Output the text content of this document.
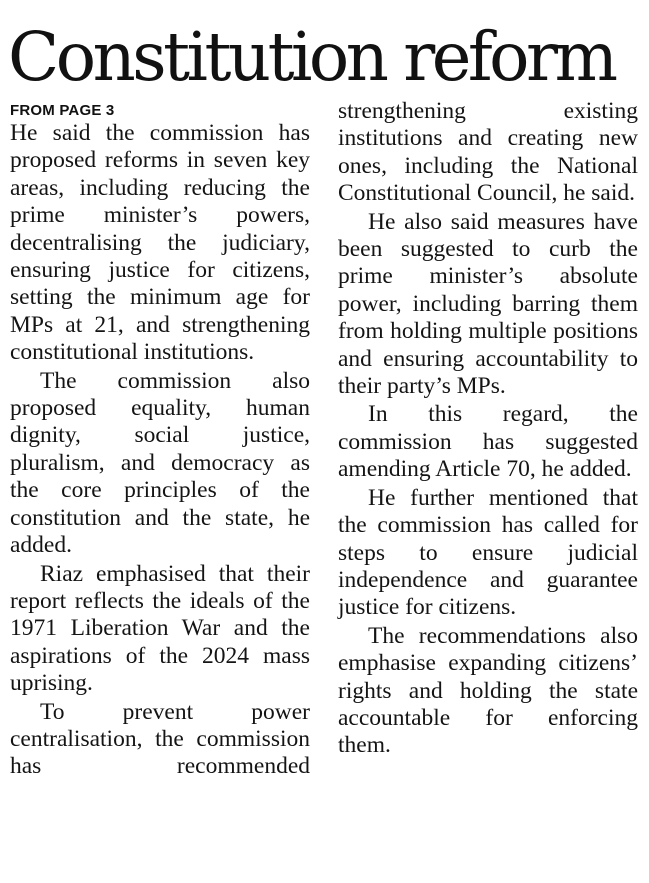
Constitution reform
FROM PAGE 3

He said the commission has proposed reforms in seven key areas, including reducing the prime minister’s powers, decentralising the judiciary, ensuring justice for citizens, setting the minimum age for MPs at 21, and strengthening constitutional institutions.

The commission also proposed equality, human dignity, social justice, pluralism, and democracy as the core principles of the constitution and the state, he added.

Riaz emphasised that their report reflects the ideals of the 1971 Liberation War and the aspirations of the 2024 mass uprising.

To prevent power centralisation, the commission has recommended

strengthening existing institutions and creating new ones, including the National Constitutional Council, he said.

He also said measures have been suggested to curb the prime minister’s absolute power, including barring them from holding multiple positions and ensuring accountability to their party’s MPs.

In this regard, the commission has suggested amending Article 70, he added.

He further mentioned that the commission has called for steps to ensure judicial independence and guarantee justice for citizens.

The recommendations also emphasise expanding citizens’ rights and holding the state accountable for enforcing them.
